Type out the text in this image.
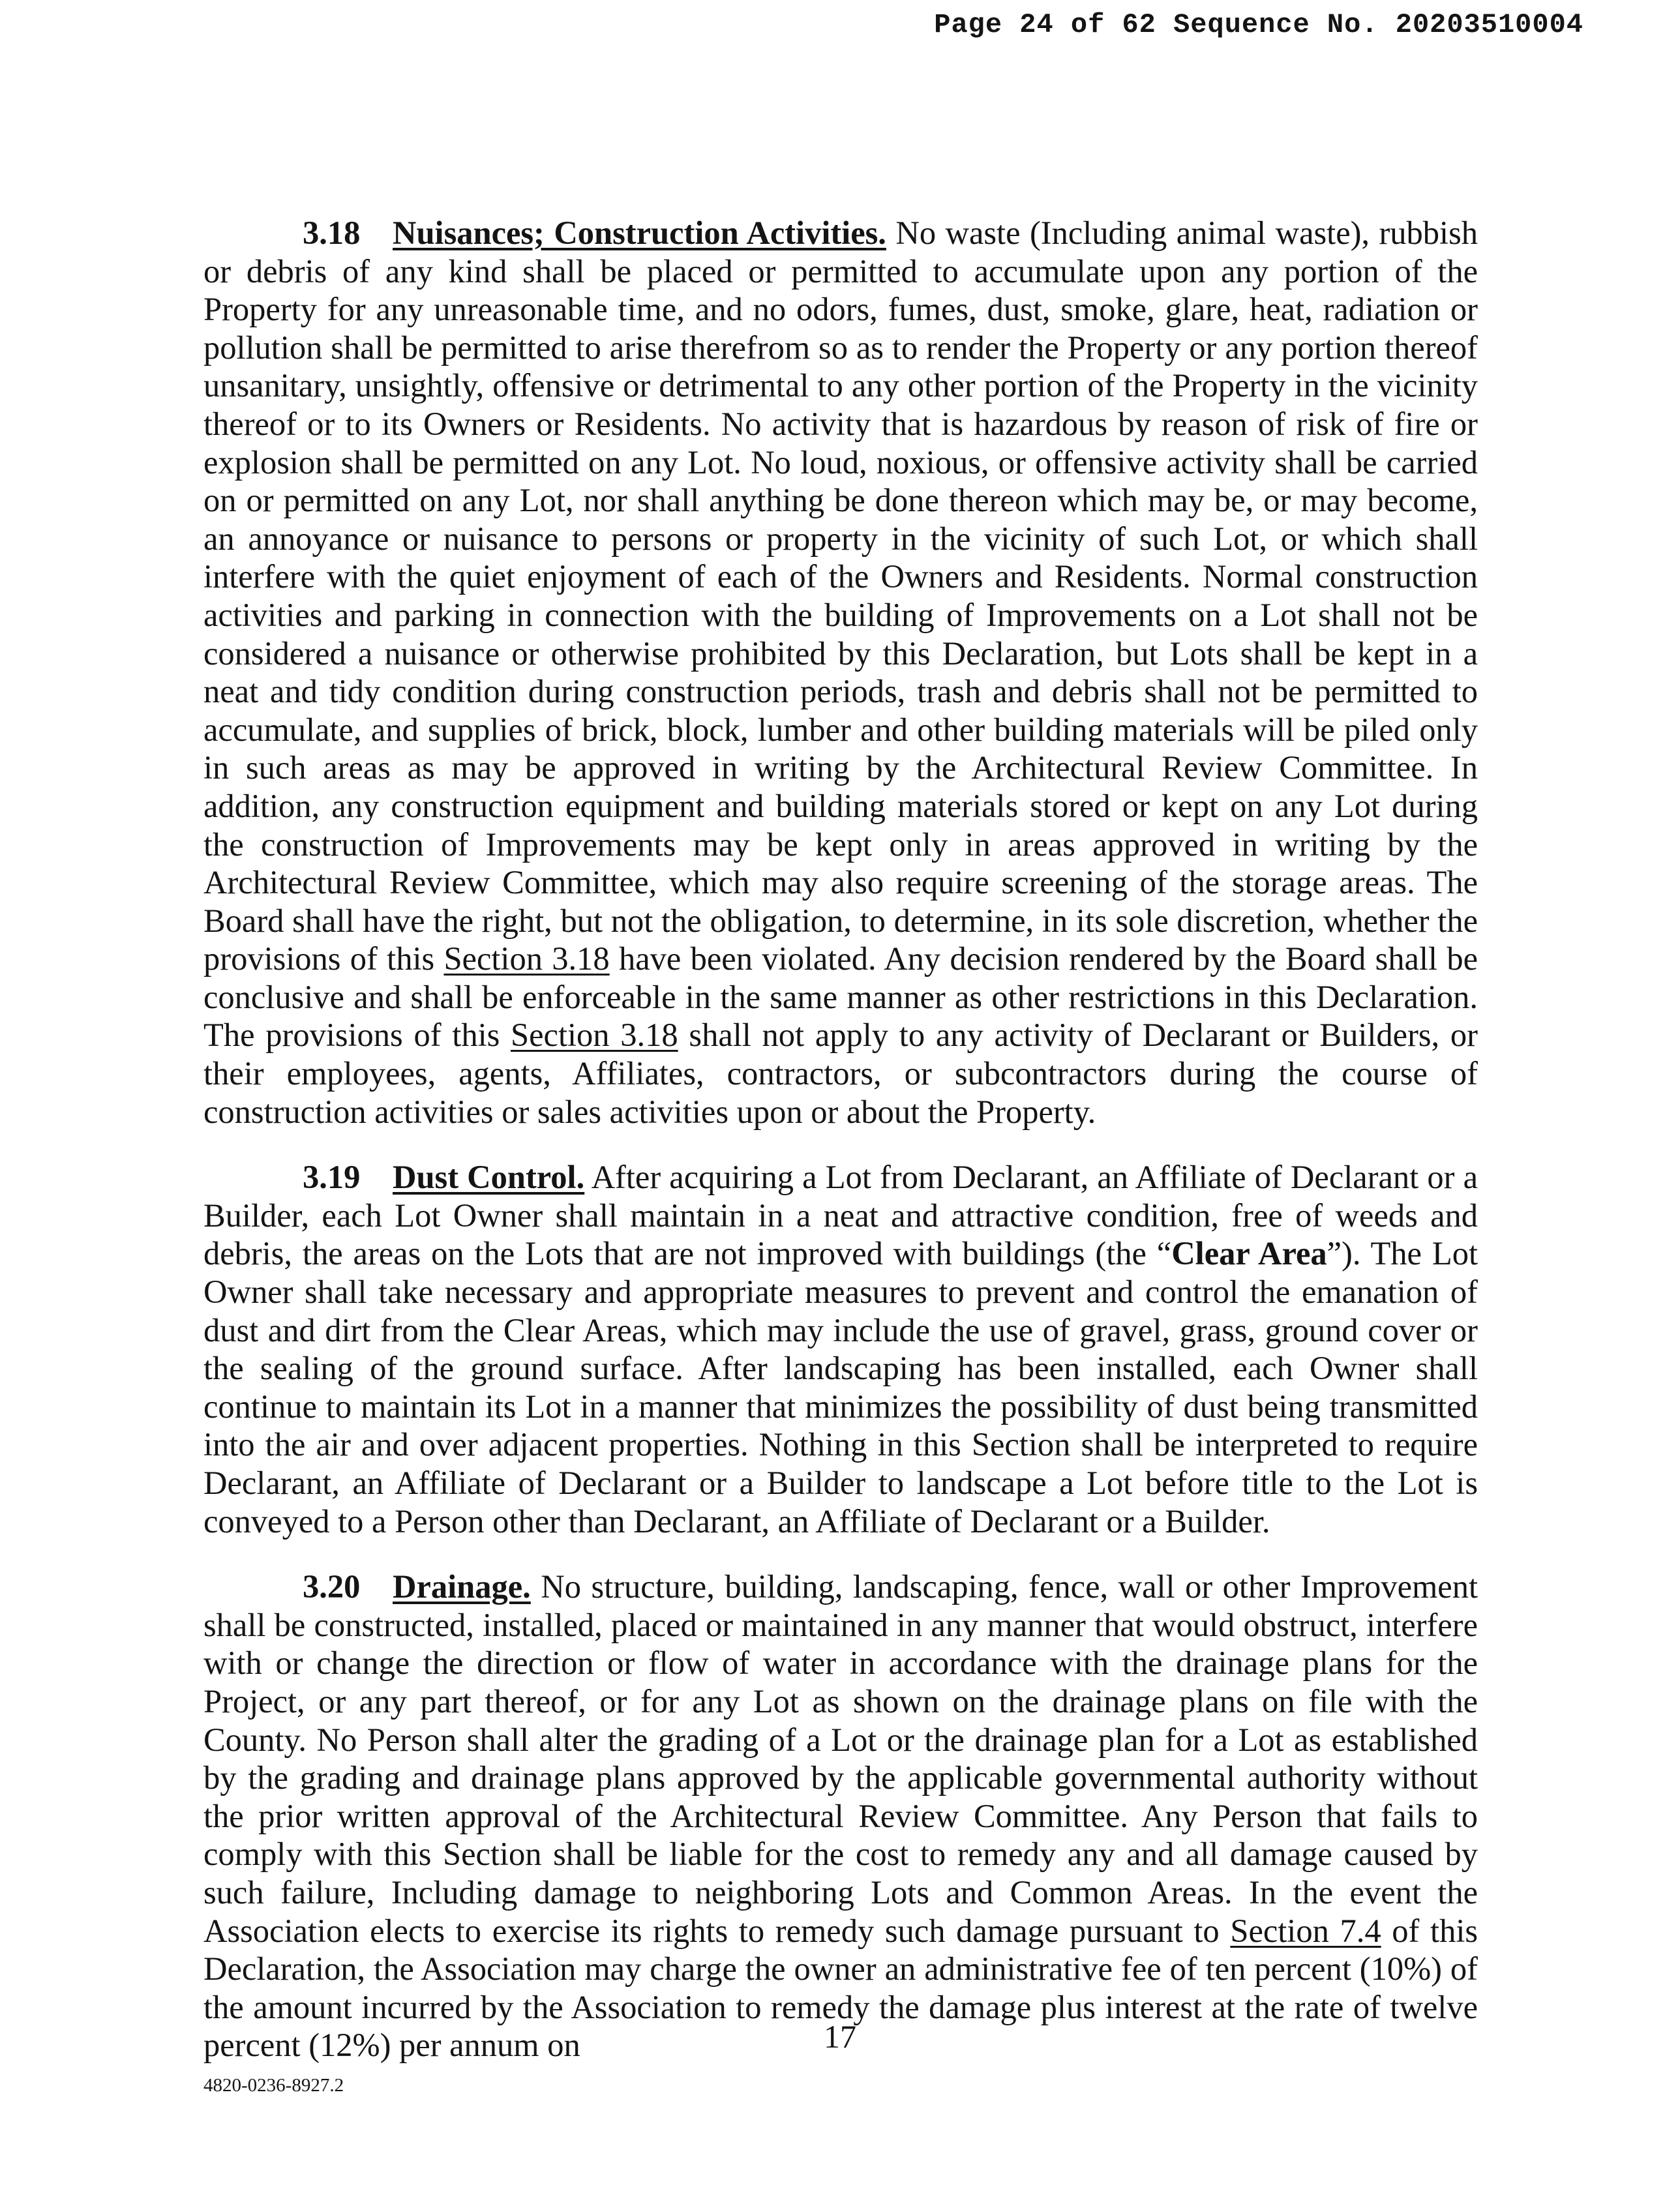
Page 24 of 62 Sequence No. 20203510004

3.18 Nuisances; Construction Activities. No waste (Including animal waste), rubbish or debris of any kind shall be placed or permitted to accumulate upon any portion of the Property for any unreasonable time, and no odors, fumes, dust, smoke, glare, heat, radiation or pollution shall be permitted to arise therefrom so as to render the Property or any portion thereof unsanitary, unsightly, offensive or detrimental to any other portion of the Property in the vicinity thereof or to its Owners or Residents. No activity that is hazardous by reason of risk of fire or explosion shall be permitted on any Lot. No loud, noxious, or offensive activity shall be carried on or permitted on any Lot, nor shall anything be done thereon which may be, or may become, an annoyance or nuisance to persons or property in the vicinity of such Lot, or which shall interfere with the quiet enjoyment of each of the Owners and Residents. Normal construction activities and parking in connection with the building of Improvements on a Lot shall not be considered a nuisance or otherwise prohibited by this Declaration, but Lots shall be kept in a neat and tidy condition during construction periods, trash and debris shall not be permitted to accumulate, and supplies of brick, block, lumber and other building materials will be piled only in such areas as may be approved in writing by the Architectural Review Committee. In addition, any construction equipment and building materials stored or kept on any Lot during the construction of Improvements may be kept only in areas approved in writing by the Architectural Review Committee, which may also require screening of the storage areas. The Board shall have the right, but not the obligation, to determine, in its sole discretion, whether the provisions of this Section 3.18 have been violated. Any decision rendered by the Board shall be conclusive and shall be enforceable in the same manner as other restrictions in this Declaration. The provisions of this Section 3.18 shall not apply to any activity of Declarant or Builders, or their employees, agents, Affiliates, contractors, or subcontractors during the course of construction activities or sales activities upon or about the Property.

3.19 Dust Control. After acquiring a Lot from Declarant, an Affiliate of Declarant or a Builder, each Lot Owner shall maintain in a neat and attractive condition, free of weeds and debris, the areas on the Lots that are not improved with buildings (the “Clear Area”). The Lot Owner shall take necessary and appropriate measures to prevent and control the emanation of dust and dirt from the Clear Areas, which may include the use of gravel, grass, ground cover or the sealing of the ground surface. After landscaping has been installed, each Owner shall continue to maintain its Lot in a manner that minimizes the possibility of dust being transmitted into the air and over adjacent properties. Nothing in this Section shall be interpreted to require Declarant, an Affiliate of Declarant or a Builder to landscape a Lot before title to the Lot is conveyed to a Person other than Declarant, an Affiliate of Declarant or a Builder.

3.20 Drainage. No structure, building, landscaping, fence, wall or other Improvement shall be constructed, installed, placed or maintained in any manner that would obstruct, interfere with or change the direction or flow of water in accordance with the drainage plans for the Project, or any part thereof, or for any Lot as shown on the drainage plans on file with the County. No Person shall alter the grading of a Lot or the drainage plan for a Lot as established by the grading and drainage plans approved by the applicable governmental authority without the prior written approval of the Architectural Review Committee. Any Person that fails to comply with this Section shall be liable for the cost to remedy any and all damage caused by such failure, Including damage to neighboring Lots and Common Areas. In the event the Association elects to exercise its rights to remedy such damage pursuant to Section 7.4 of this Declaration, the Association may charge the owner an administrative fee of ten percent (10%) of the amount incurred by the Association to remedy the damage plus interest at the rate of twelve percent (12%) per annum on	17
4820-0236-8927.2
